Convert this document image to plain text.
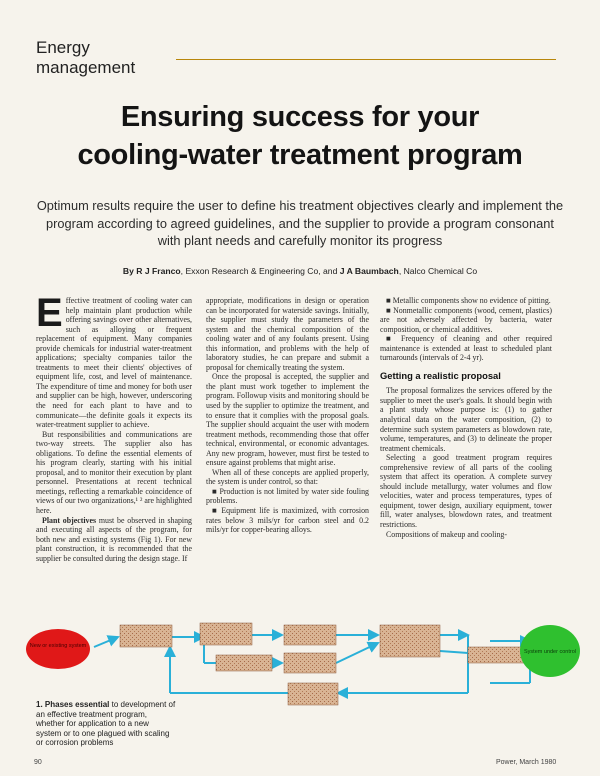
Energy management
Ensuring success for your
cooling-water treatment program
Optimum results require the user to define his treatment objectives clearly and implement the program according to agreed guidelines, and the supplier to provide a program consonant with plant needs and carefully monitor its progress
By R J Franco, Exxon Research & Engineering Co, and J A Baumbach, Nalco Chemical Co

Effective treatment of cooling water can help maintain plant production while offering savings over other alternatives, such as alloying or frequent replacement of equipment. Many companies provide chemicals for industrial water-treatment applications; specialty companies tailor the treatments to meet their clients' objectives of equipment life, cost, and level of maintenance. The expenditure of time and money for both user and supplier can be high, however, underscoring the need for each plant to have and to communicate—the definite goals it expects its water-treatment supplier to achieve.

But responsibilities and communications are two-way streets. The supplier also has obligations. To define the essential elements of his program clearly, starting with his initial proposal, and to monitor their execution by plant personnel. Presentations at recent technical meetings, reflecting a remarkable coincidence of views of our two organizations,¹ ² are highlighted here.

Plant objectives must be observed in shaping and executing all aspects of the program, for both new and existing systems (Fig 1). For new plant construction, it is recommended that the supplier be consulted during the design stage. If

appropriate, modifications in design or operation can be incorporated for waterside savings. Initially, the supplier must study the parameters of the system and the chemical composition of the cooling water and of any foulants present. Using this information, and problems with the help of laboratory studies, he can prepare and submit a proposal for chemically treating the system.

Once the proposal is accepted, the supplier and the plant must work together to implement the program. Followup visits and monitoring should be used by the supplier to optimize the treatment, and to ensure that it complies with the proposal goals. The supplier should acquaint the user with modern treatment methods, recommending those that offer technical, environmental, or economic advantages. Any new program, however, must first be tested to ensure against problems that might arise.

When all of these concepts are applied properly, the system is under control, so that:

■ Production is not limited by water side fouling problems.

■ Equipment life is maximized, with corrosion rates below 3 mils/yr for carbon steel and 0.2 mils/yr for copper-bearing alloys.

■ Metallic components show no evidence of pitting.

■ Nonmetallic components (wood, cement, plastics) are not adversely affected by bacteria, water composition, or chemical additives.

■ Frequency of cleaning and other required maintenance is extended at least to scheduled plant turnarounds (intervals of 2-4 yr).

Getting a realistic proposal

The proposal formalizes the services offered by the supplier to meet the user's goals. It should begin with a plant study whose purpose is: (1) to gather analytical data on the water composition, (2) to determine such system parameters as blowdown rate, volume, temperatures, and (3) to delineate the proper treatment chemicals.

Selecting a good treatment program requires comprehensive review of all parts of the cooling system that affect its operation. A complete survey should include metallurgy, water volumes and flow velocities, water and process temperatures, types of equipment, tower design, auxiliary equipment, tower fill, water analyses, blowdown rates, and treatment restrictions.

Compositions of makeup and cooling-

New or existing system
System under control
1. Phases essential to development of an effective treatment program, whether for application to a new system or to one plagued with scaling or corrosion problems
90	Power, March 1980
